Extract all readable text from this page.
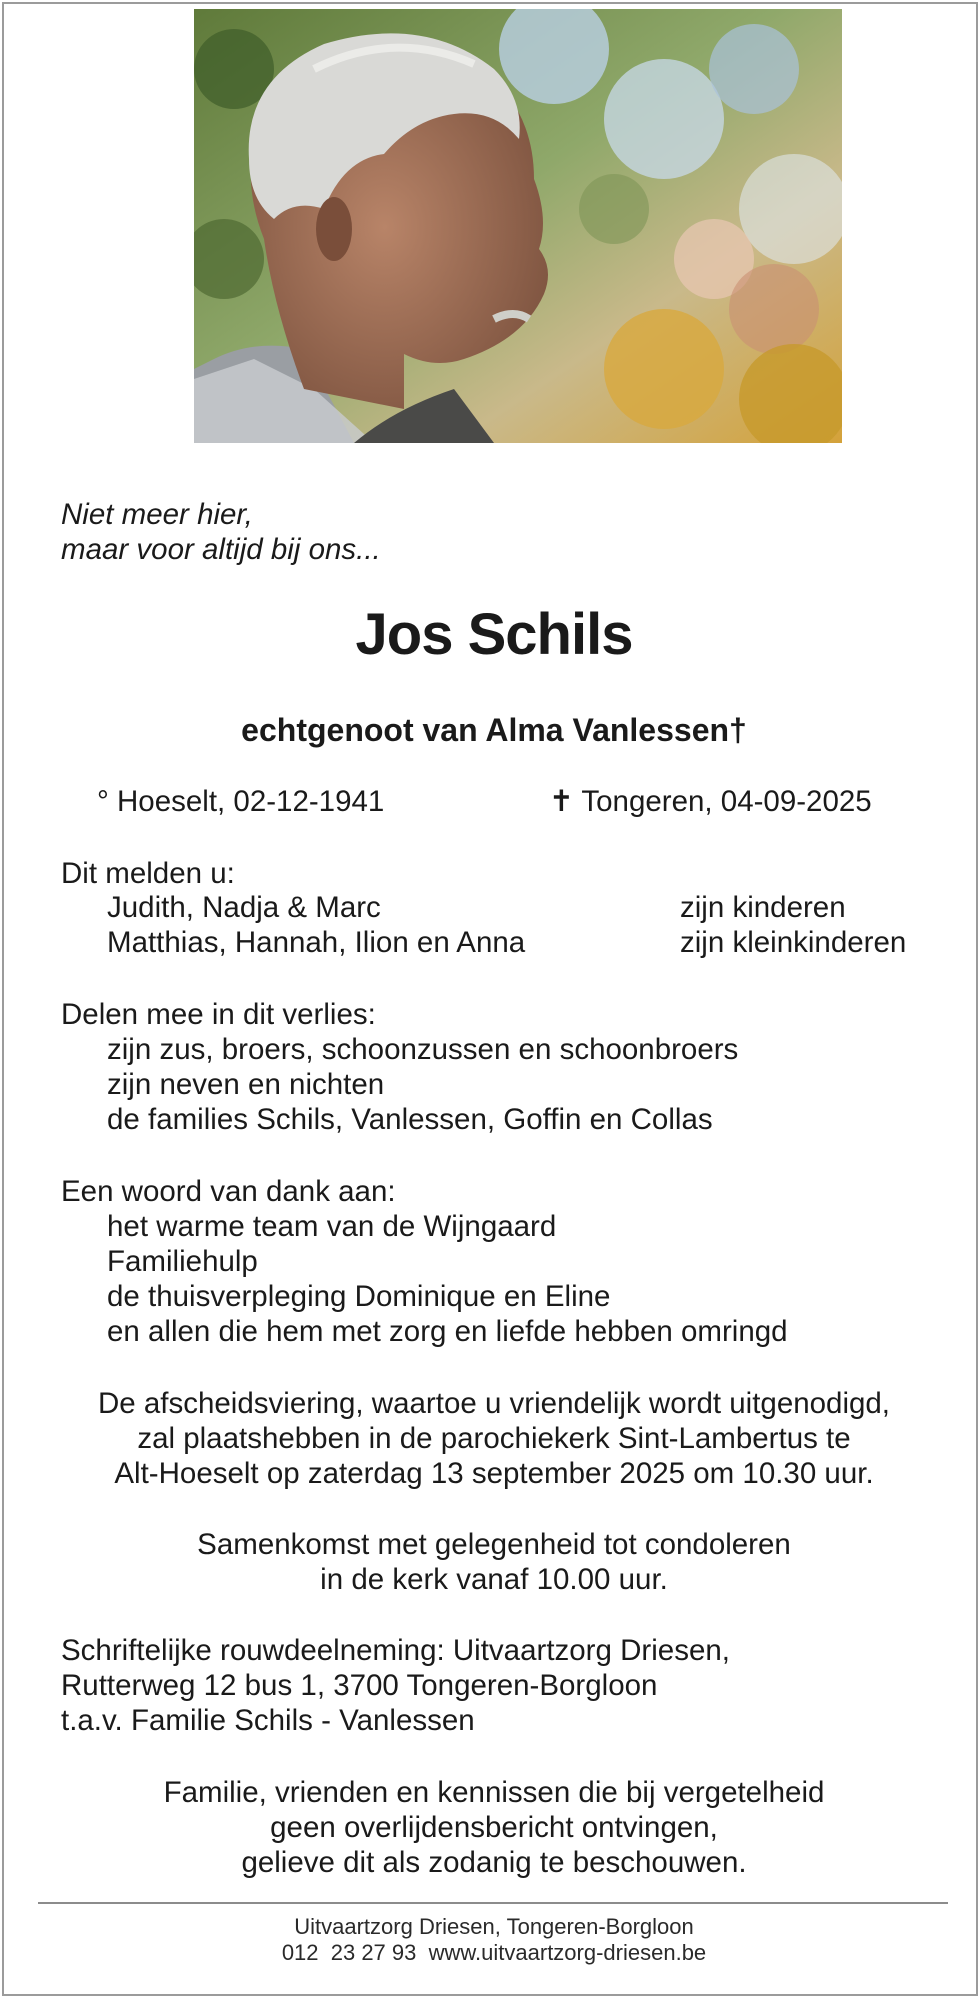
Niet meer hier,
maar voor altijd bij ons...
Jos Schils
echtgenoot van Alma Vanlessen†
° Hoeselt, 02-12-1941	✝ Tongeren, 04-09-2025
Dit melden u:
Judith, Nadja & Marc	zijn kinderen
Matthias, Hannah, Ilion en Anna	zijn kleinkinderen
Delen mee in dit verlies:
zijn zus, broers, schoonzussen en schoonbroers
zijn neven en nichten
de families Schils, Vanlessen, Goffin en Collas
Een woord van dank aan:
het warme team van de Wijngaard
Familiehulp
de thuisverpleging Dominique en Eline
en allen die hem met zorg en liefde hebben omringd
De afscheidsviering, waartoe u vriendelijk wordt uitgenodigd,
zal plaatshebben in de parochiekerk Sint-Lambertus te
Alt-Hoeselt op zaterdag 13 september 2025 om 10.30 uur.
Samenkomst met gelegenheid tot condoleren
in de kerk vanaf 10.00 uur.
Schriftelijke rouwdeelneming: Uitvaartzorg Driesen,
Rutterweg 12 bus 1, 3700 Tongeren-Borgloon
t.a.v. Familie Schils - Vanlessen
Familie, vrienden en kennissen die bij vergetelheid
geen overlijdensbericht ontvingen,
gelieve dit als zodanig te beschouwen.
Uitvaartzorg Driesen, Tongeren-Borgloon
012  23 27 93  www.uitvaartzorg-driesen.be
